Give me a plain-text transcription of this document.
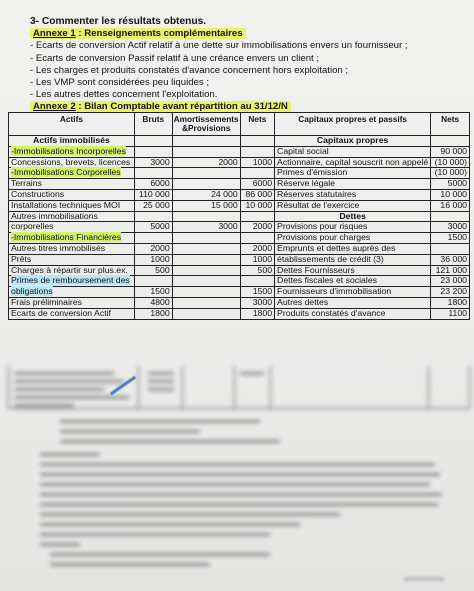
3- Commenter les résultats obtenus.
Annexe 1 : Renseignements complémentaires
- Ecarts de conversion Actif relatif à une dette sur immobilisations envers un fournisseur ;
- Ecarts de conversion Passif relatif à une créance envers un client ;
- Les charges et produits constatés d'avance concernent hors exploitation ;
- Les VMP sont considérées peu liquides ;
- Les autres dettes concernent l'exploitation.
Annexe 2 : Bilan Comptable avant répartition au 31/12/N
Actifs	Bruts	Amortissements &Provisions	Nets	Capitaux propres et passifs	Nets
Actifs immobilisés				Capitaux propres	
-Immobilisations Incorporelles				Capital social	90 000
Concessions, brevets, licences	3000	2000	1000	Actionnaire, capital souscrit non appelé	(10 000)
-Immobilisations Corporelles				Primes d'émission	(10 000)
Terrains	6000		6000	Réserve légale	5000
Constructions	110 000	24 000	86 000	Réserves statutaires	10 000
Installations techniques MOI	25 000	15 000	10 000	Résultat de l'exercice	16 000
Autres immobilisations				Dettes	
corporelles	5000	3000	2000	Provisions pour risques	3000
-Immobilisations Financières				Provisions pour charges	1500
Autres titres immobilisés	2000		2000	Emprunts et dettes auprès des	
Prêts	1000		1000	établissements de crédit (3)	36 000
Charges à répartir sur plus.ex.	500		500	Dettes Fournisseurs	121 000
Primes de remboursement des				Dettes fiscales et sociales	23 000
obligations	1500		1500	Fournisseurs d'immobilisation	23 200
Frais préliminaires	4800		3000	Autres dettes	1800
Ecarts de conversion Actif	1800		1800	Produits constatés d'avance	1100
